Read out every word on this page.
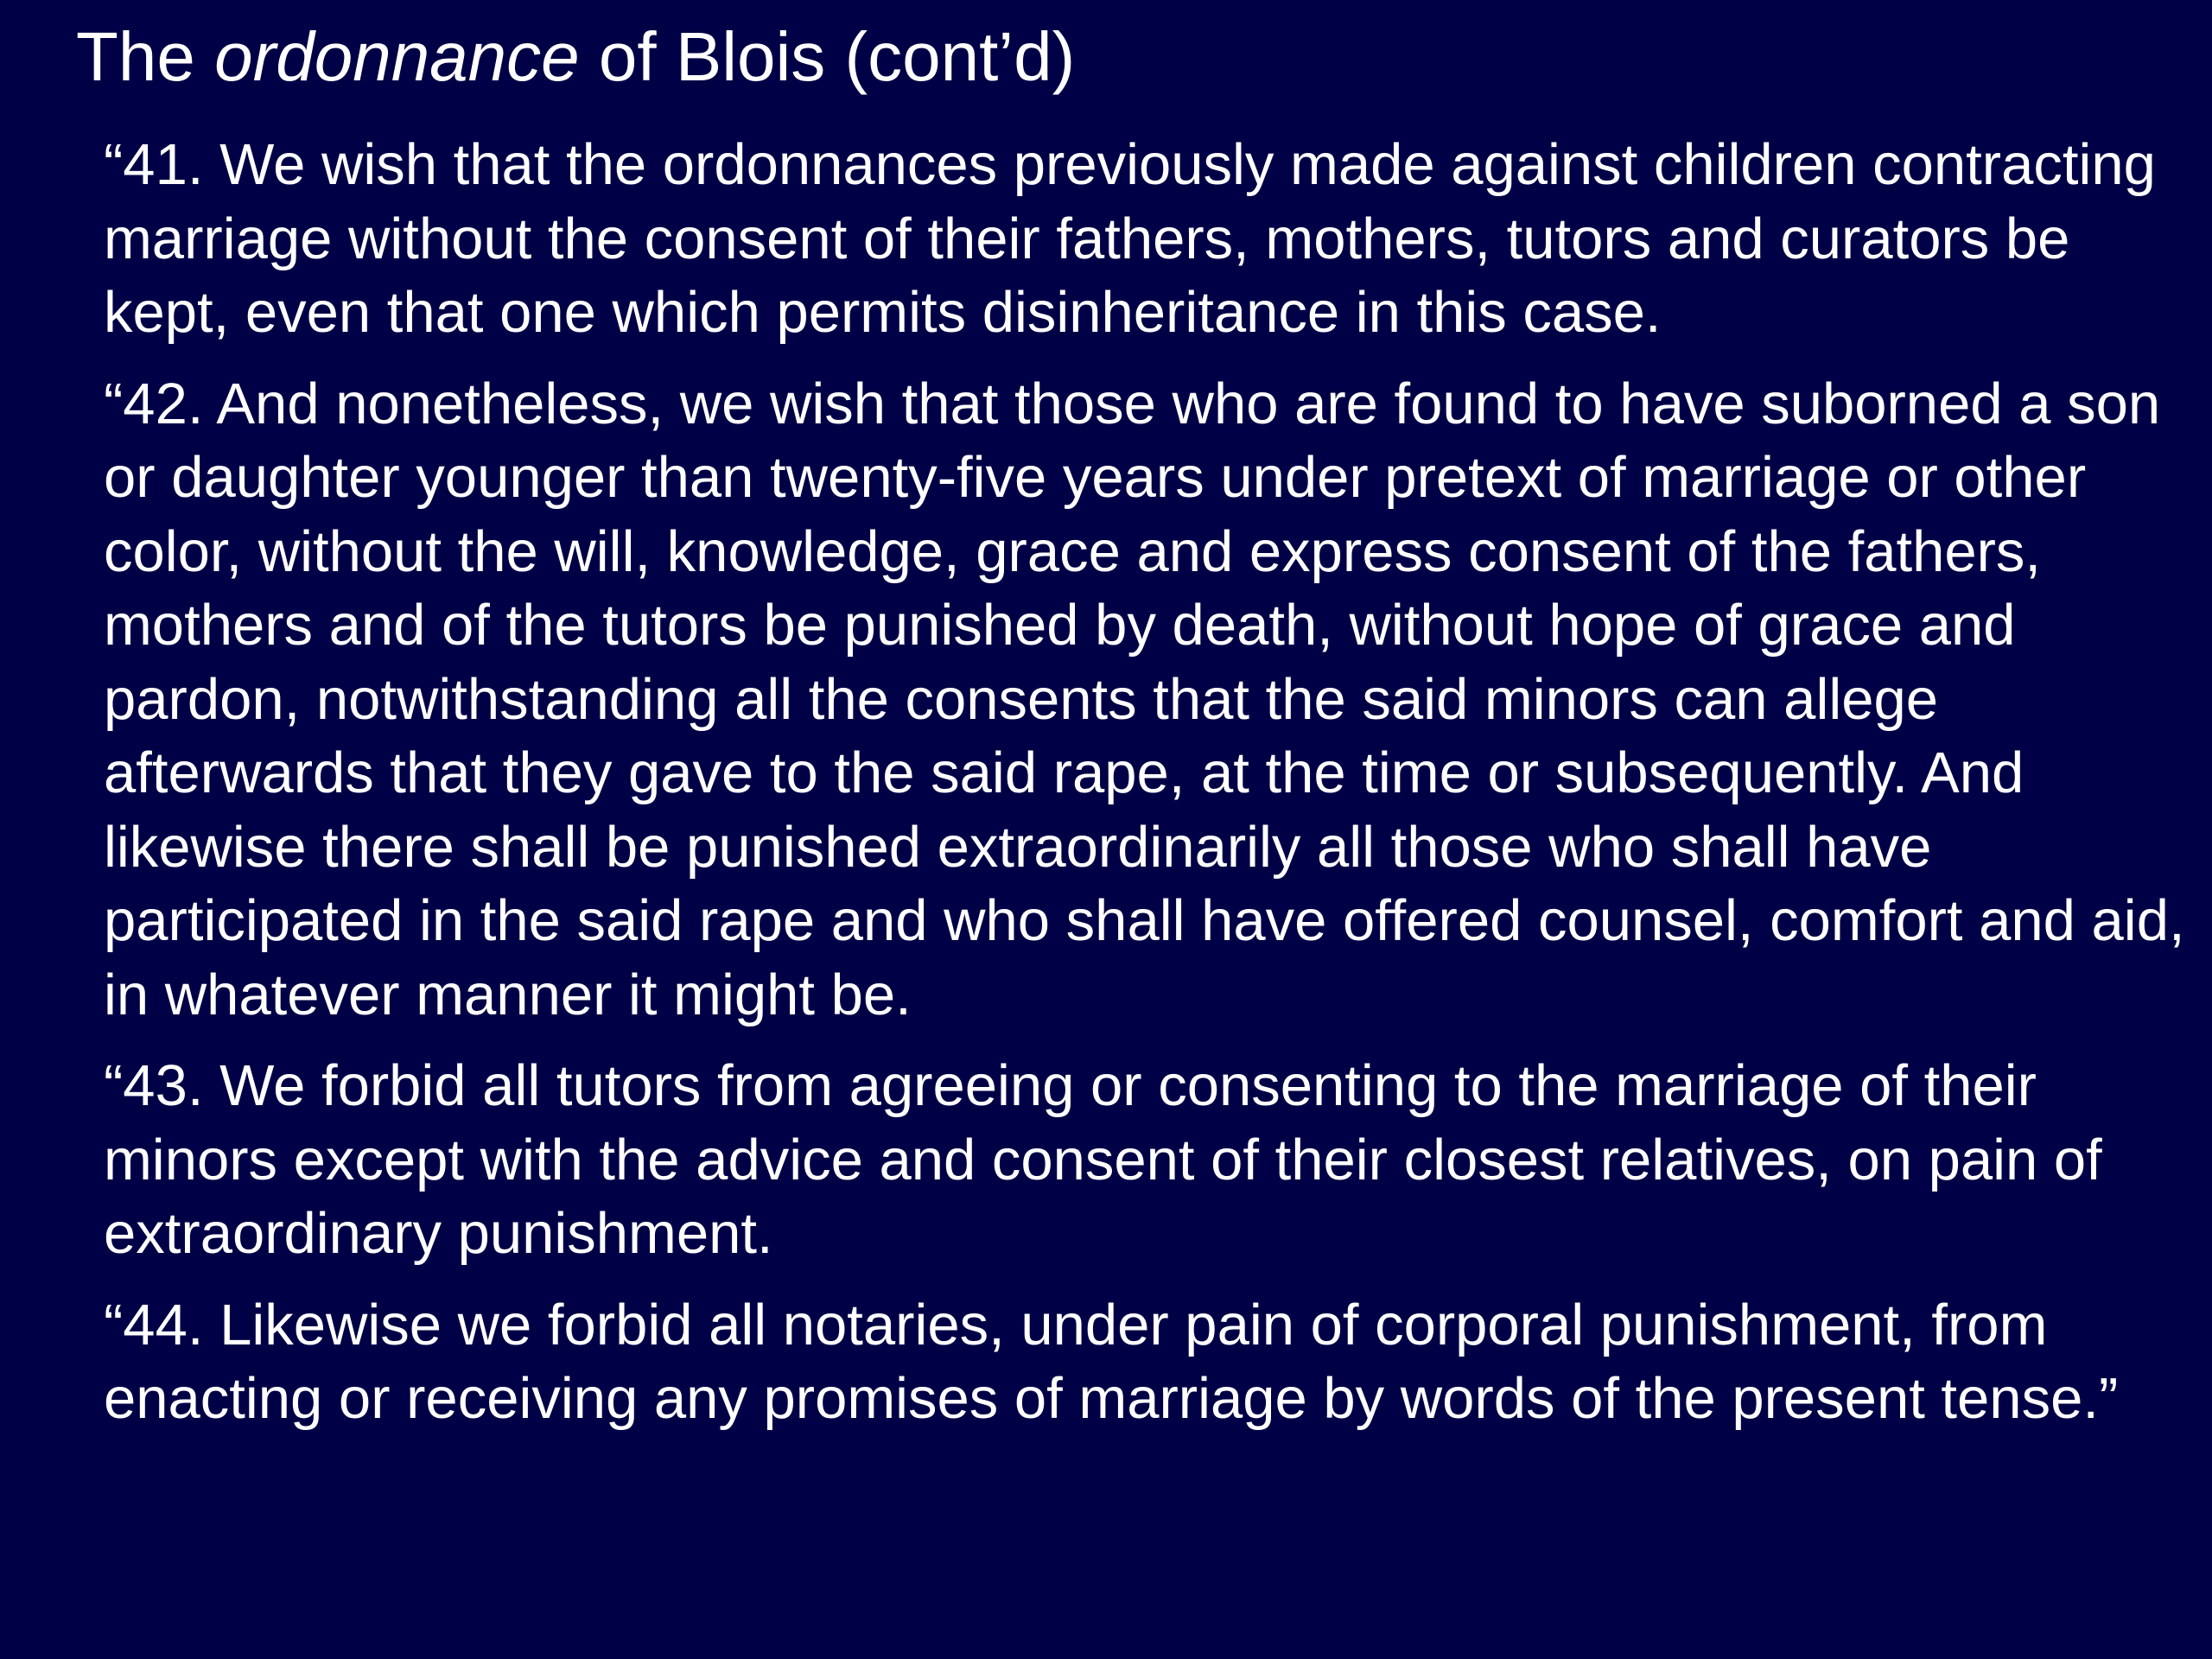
The ordonnance of Blois (cont’d)

“41. We wish that the ordonnances previously made against children contracting marriage without the consent of their fathers, mothers, tutors and curators be kept, even that one which permits disinheritance in this case.

“42. And nonetheless, we wish that those who are found to have suborned a son or daughter younger than twenty-five years under pretext of marriage or other color, without the will, knowledge, grace and express consent of the fathers, mothers and of the tutors be punished by death, without hope of grace and pardon, notwithstanding all the consents that the said minors can allege afterwards that they gave to the said rape, at the time or subsequently. And likewise there shall be punished extraordinarily all those who shall have participated in the said rape and who shall have offered counsel, comfort and aid, in whatever manner it might be.

“43. We forbid all tutors from agreeing or consenting to the marriage of their minors except with the advice and consent of their closest relatives, on pain of extraordinary punishment.

“44. Likewise we forbid all notaries, under pain of corporal punishment, from enacting or receiving any promises of marriage by words of the present tense.”
